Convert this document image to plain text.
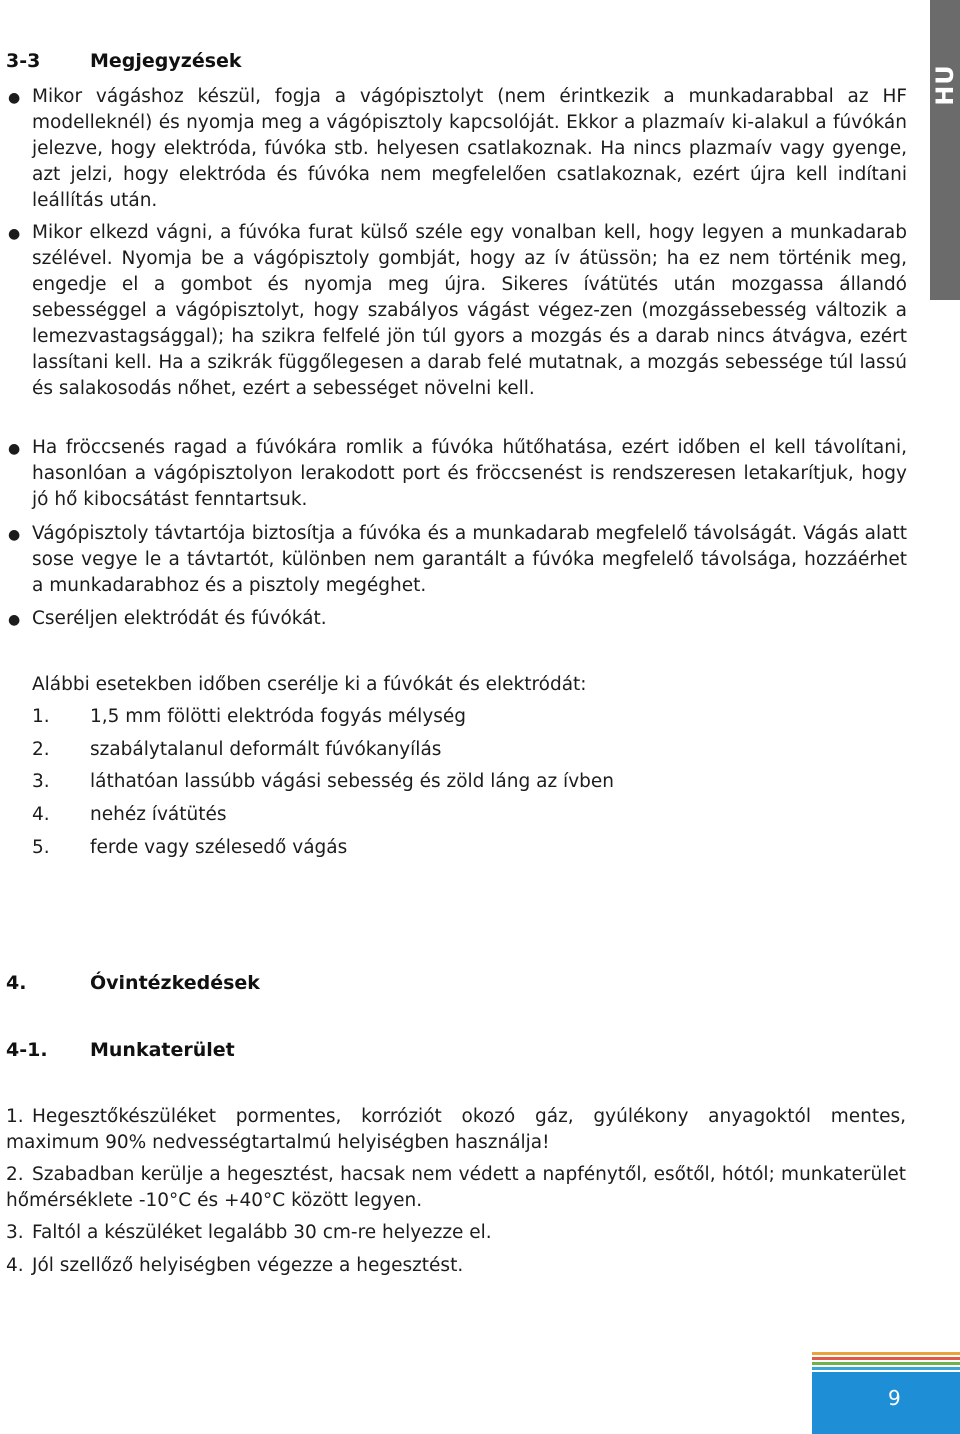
HU
3-3	Megjegyzések
● Mikor vágáshoz készül, fogja a vágópisztolyt (nem érintkezik a munkadarabbal az HF modelleknél) és nyomja meg a vágópisztoly kapcsolóját. Ekkor a plazmaív ki-alakul a fúvókán jelezve, hogy elektróda, fúvóka stb. helyesen csatlakoznak. Ha nincs plazmaív vagy gyenge, azt jelzi, hogy elektróda és fúvóka nem megfelelően csatlakoznak, ezért újra kell indítani leállítás után.
● Mikor elkezd vágni, a fúvóka furat külső széle egy vonalban kell, hogy legyen a munkadarab szélével. Nyomja be a vágópisztoly gombját, hogy az ív átüssön; ha ez nem történik meg, engedje el a gombot és nyomja meg újra. Sikeres ívátütés után mozgassa állandó sebességgel a vágópisztolyt, hogy szabályos vágást végez-zen (mozgássebesség változik a lemezvastagsággal); ha szikra felfelé jön túl gyors a mozgás és a darab nincs átvágva, ezért lassítani kell. Ha a szikrák függőlegesen a darab felé mutatnak, a mozgás sebessége túl lassú és salakosodás nőhet, ezért a sebességet növelni kell.
● Ha fröccsenés ragad a fúvókára romlik a fúvóka hűtőhatása, ezért időben el kell távolítani, hasonlóan a vágópisztolyon lerakodott port és fröccsenést is rendszeresen letakarítjuk, hogy jó hő kibocsátást fenntartsuk.
● Vágópisztoly távtartója biztosítja a fúvóka és a munkadarab megfelelő távolságát. Vágás alatt sose vegye le a távtartót, különben nem garantált a fúvóka megfelelő távolsága, hozzáérhet a munkadarabhoz és a pisztoly megéghet.
● Cseréljen elektródát és fúvókát.
Alábbi esetekben időben cserélje ki a fúvókát és elektródát:
1. 1,5 mm fölötti elektróda fogyás mélység
2. szabálytalanul deformált fúvókanyílás
3. láthatóan lassúbb vágási sebesség és zöld láng az ívben
4. nehéz ívátütés
5. ferde vagy szélesedő vágás
4.	Óvintézkedések
4-1. Munkaterület
1. Hegesztőkészüléket pormentes, korróziót okozó gáz, gyúlékony anyagoktól mentes, maximum 90% nedvességtartalmú helyiségben használja!
2. Szabadban kerülje a hegesztést, hacsak nem védett a napfénytől, esőtől, hótól; munkaterület hőmérséklete -10°C és +40°C között legyen.
3. Faltól a készüléket legalább 30 cm-re helyezze el.
4. Jól szellőző helyiségben végezze a hegesztést.
9
